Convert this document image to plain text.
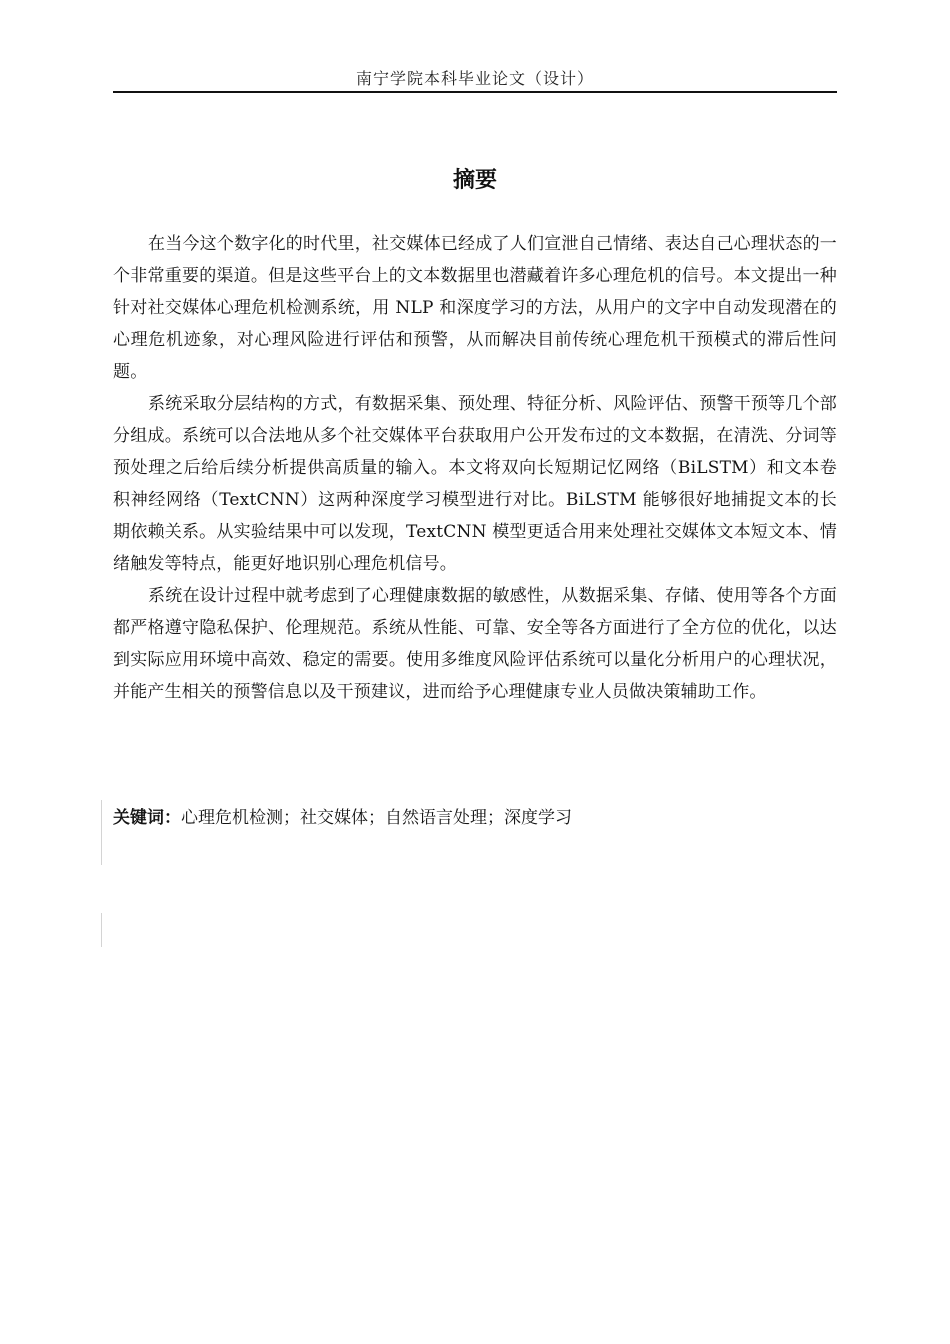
南宁学院本科毕业论文（设计）
摘要

在当今这个数字化的时代里，社交媒体已经成了人们宣泄自己情绪、表达自己心理状态的一个非常重要的渠道。但是这些平台上的文本数据里也潜藏着许多心理危机的信号。本文提出一种针对社交媒体心理危机检测系统，用 NLP 和深度学习的方法，从用户的文字中自动发现潜在的心理危机迹象，对心理风险进行评估和预警，从而解决目前传统心理危机干预模式的滞后性问题。

系统采取分层结构的方式，有数据采集、预处理、特征分析、风险评估、预警干预等几个部分组成。系统可以合法地从多个社交媒体平台获取用户公开发布过的文本数据，在清洗、分词等预处理之后给后续分析提供高质量的输入。本文将双向长短期记忆网络（BiLSTM）和文本卷积神经网络（TextCNN）这两种深度学习模型进行对比。BiLSTM 能够很好地捕捉文本的长期依赖关系。从实验结果中可以发现，TextCNN 模型更适合用来处理社交媒体文本短文本、情绪触发等特点，能更好地识别心理危机信号。

系统在设计过程中就考虑到了心理健康数据的敏感性，从数据采集、存储、使用等各个方面都严格遵守隐私保护、伦理规范。系统从性能、可靠、安全等各方面进行了全方位的优化，以达到实际应用环境中高效、稳定的需要。使用多维度风险评估系统可以量化分析用户的心理状况，并能产生相关的预警信息以及干预建议，进而给予心理健康专业人员做决策辅助工作。

关键词：心理危机检测；社交媒体；自然语言处理；深度学习
